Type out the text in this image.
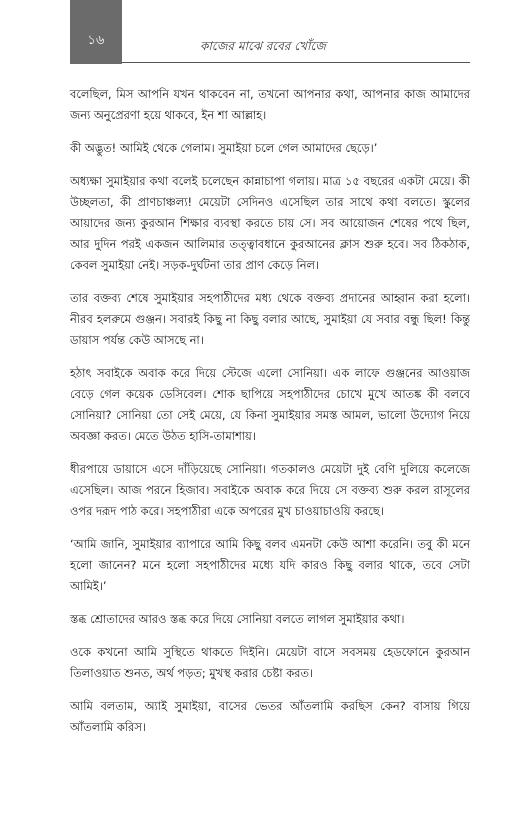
১৬	কাজের মাঝে রবের খোঁজে

বলেছিল, মিস আপনি যখন থাকবেন না, তখনো আপনার কথা, আপনার কাজ আমাদের জন্য অনুপ্রেরণা হয়ে থাকবে, ইন শা আল্লাহ।

কী অদ্ভুত! আমিই থেকে গেলাম। সুমাইয়া চলে গেল আমাদের ছেড়ে।’

অধ্যক্ষা সুমাইয়ার কথা বলেই চলেছেন কান্নাচাপা গলায়। মাত্র ১৫ বছরের একটা মেয়ে। কী উচ্ছলতা, কী প্রাণচাঞ্চল্য! মেয়েটা সেদিনও এসেছিল তার সাথে কথা বলতে। স্কুলের আয়াদের জন্য কুরআন শিক্ষার ব্যবস্থা করতে চায় সে। সব আয়োজন শেষের পথে ছিল, আর দুদিন পরই একজন আলিমার তত্ত্বাবধানে কুরআনের ক্লাস শুরু হবে। সব ঠিকঠাক, কেবল সুমাইয়া নেই। সড়ক-দুর্ঘটনা তার প্রাণ কেড়ে নিল।

তার বক্তব্য শেষে সুমাইয়ার সহপাঠীদের মধ্য থেকে বক্তব্য প্রদানের আহ্বান করা হলো। নীরব হলরুমে গুঞ্জন। সবারই কিছু না কিছু বলার আছে, সুমাইয়া যে সবার বন্ধু ছিল! কিন্তু ডায়াস পর্যন্ত কেউ আসছে না।

হঠাৎ সবাইকে অবাক করে দিয়ে স্টেজে এলো সোনিয়া। এক লাফে গুঞ্জনের আওয়াজ বেড়ে গেল কয়েক ডেসিবেল। শোক ছাপিয়ে সহপাঠীদের চোখে মুখে আতঙ্ক কী বলবে সোনিয়া? সোনিয়া তো সেই মেয়ে, যে কিনা সুমাইয়ার সমস্ত আমল, ভালো উদ্যোগ নিয়ে অবজ্ঞা করত। মেতে উঠত হাসি-তামাশায়।

ধীরপায়ে ডায়াসে এসে দাঁড়িয়েছে সোনিয়া। গতকালও মেয়েটা দুই বেণি দুলিয়ে কলেজে এসেছিল। আজ পরনে হিজাব। সবাইকে অবাক করে দিয়ে সে বক্তব্য শুরু করল রাসূলের ওপর দরূদ পাঠ করে। সহপাঠীরা একে অপরের মুখ চাওয়াচাওয়ি করছে।

‘আমি জানি, সুমাইয়ার ব্যাপারে আমি কিছু বলব এমনটা কেউ আশা করেনি। তবু কী মনে হলো জানেন? মনে হলো সহপাঠীদের মধ্যে যদি কারও কিছু বলার থাকে, তবে সেটা আমিই।’

স্তব্ধ শ্রোতাদের আরও স্তব্ধ করে দিয়ে সোনিয়া বলতে লাগল সুমাইয়ার কথা।

ওকে কখনো আমি সুস্থিতে থাকতে দিইনি। মেয়েটা বাসে সবসময় হেডফোনে কুরআন তিলাওয়াত শুনত, অর্থ পড়ত; মুখস্থ করার চেষ্টা করত।

আমি বলতাম, অ্যাই সুমাইয়া, বাসের ভেতর আঁতলামি করছিস কেন? বাসায় গিয়ে আঁতলামি করিস।
